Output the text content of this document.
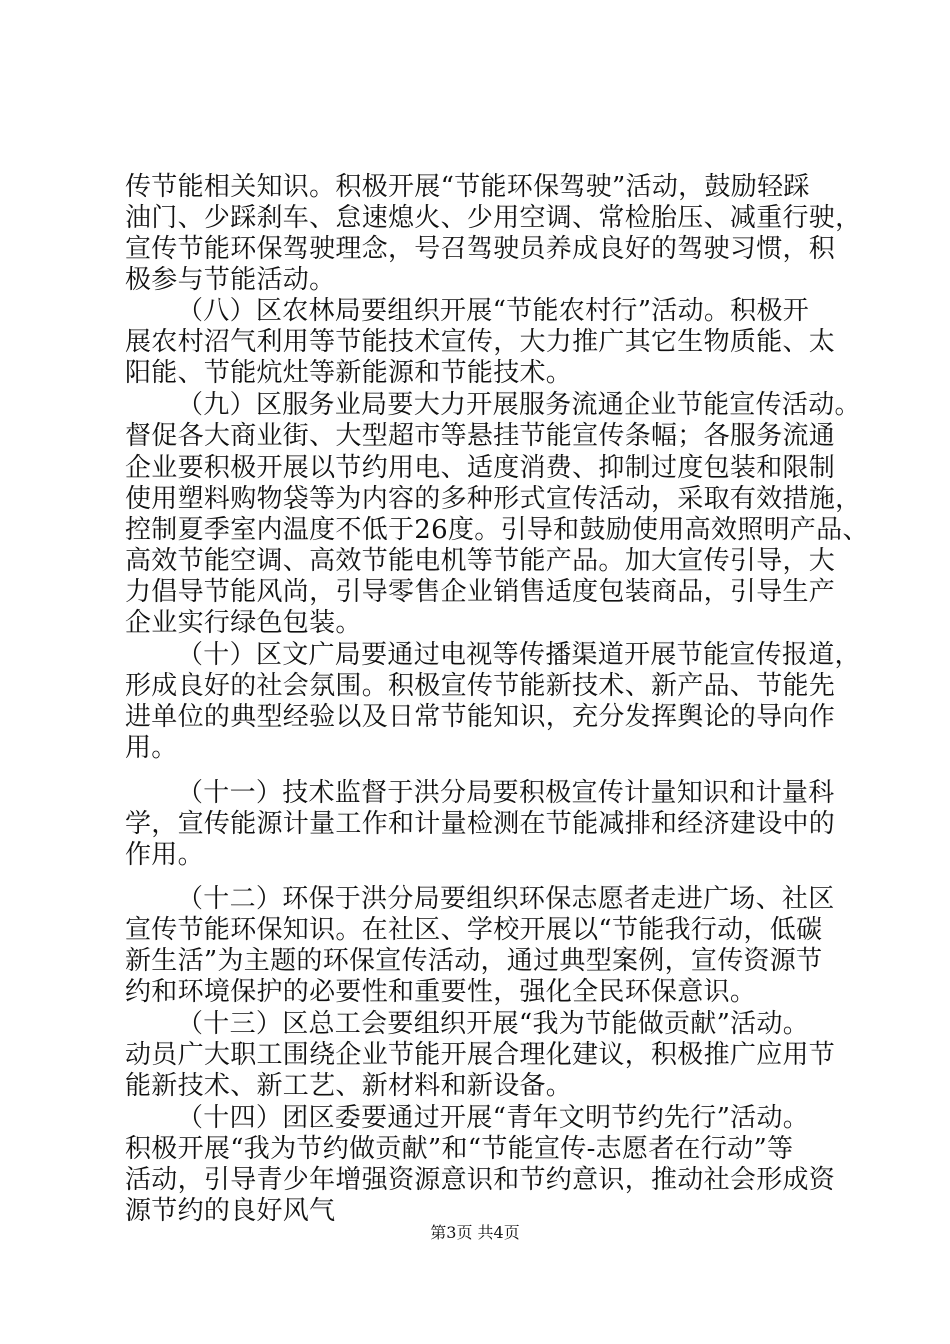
传节能相关知识。积极开展“节能环保驾驶”活动，鼓励轻踩
油门、少踩刹车、怠速熄火、少用空调、常检胎压、减重行驶，
宣传节能环保驾驶理念，号召驾驶员养成良好的驾驶习惯，积
极参与节能活动。
（八）区农林局要组织开展“节能农村行”活动。积极开
展农村沼气利用等节能技术宣传，大力推广其它生物质能、太
阳能、节能炕灶等新能源和节能技术。
（九）区服务业局要大力开展服务流通企业节能宣传活动。
督促各大商业街、大型超市等悬挂节能宣传条幅；各服务流通
企业要积极开展以节约用电、适度消费、抑制过度包装和限制
使用塑料购物袋等为内容的多种形式宣传活动，采取有效措施，
控制夏季室内温度不低于26度。引导和鼓励使用高效照明产品、
高效节能空调、高效节能电机等节能产品。加大宣传引导，大
力倡导节能风尚，引导零售企业销售适度包装商品，引导生产
企业实行绿色包装。
（十）区文广局要通过电视等传播渠道开展节能宣传报道，
形成良好的社会氛围。积极宣传节能新技术、新产品、节能先
进单位的典型经验以及日常节能知识，充分发挥舆论的导向作
用。
（十一）技术监督于洪分局要积极宣传计量知识和计量科
学，宣传能源计量工作和计量检测在节能减排和经济建设中的
作用。
（十二）环保于洪分局要组织环保志愿者走进广场、社区
宣传节能环保知识。在社区、学校开展以“节能我行动，低碳
新生活”为主题的环保宣传活动，通过典型案例，宣传资源节
约和环境保护的必要性和重要性，强化全民环保意识。
（十三）区总工会要组织开展“我为节能做贡献”活动。
动员广大职工围绕企业节能开展合理化建议，积极推广应用节
能新技术、新工艺、新材料和新设备。
（十四）团区委要通过开展“青年文明节约先行”活动。
积极开展“我为节约做贡献”和“节能宣传-志愿者在行动”等
活动，引导青少年增强资源意识和节约意识，推动社会形成资
源节约的良好风气
第3页 共4页
